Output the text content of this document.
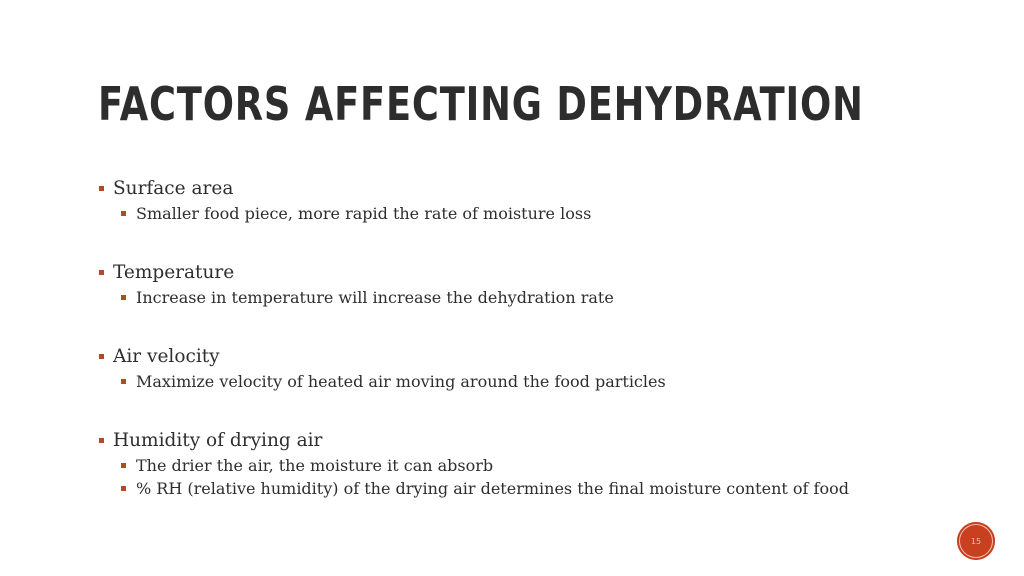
FACTORS AFFECTING DEHYDRATION
Surface area
Smaller food piece, more rapid the rate of moisture loss
Temperature
Increase in temperature will increase the dehydration rate
Air velocity
Maximize velocity of heated air moving around the food particles
Humidity of drying air
The drier the air, the moisture it can absorb
% RH (relative humidity) of the drying air determines the final moisture content of food
15
